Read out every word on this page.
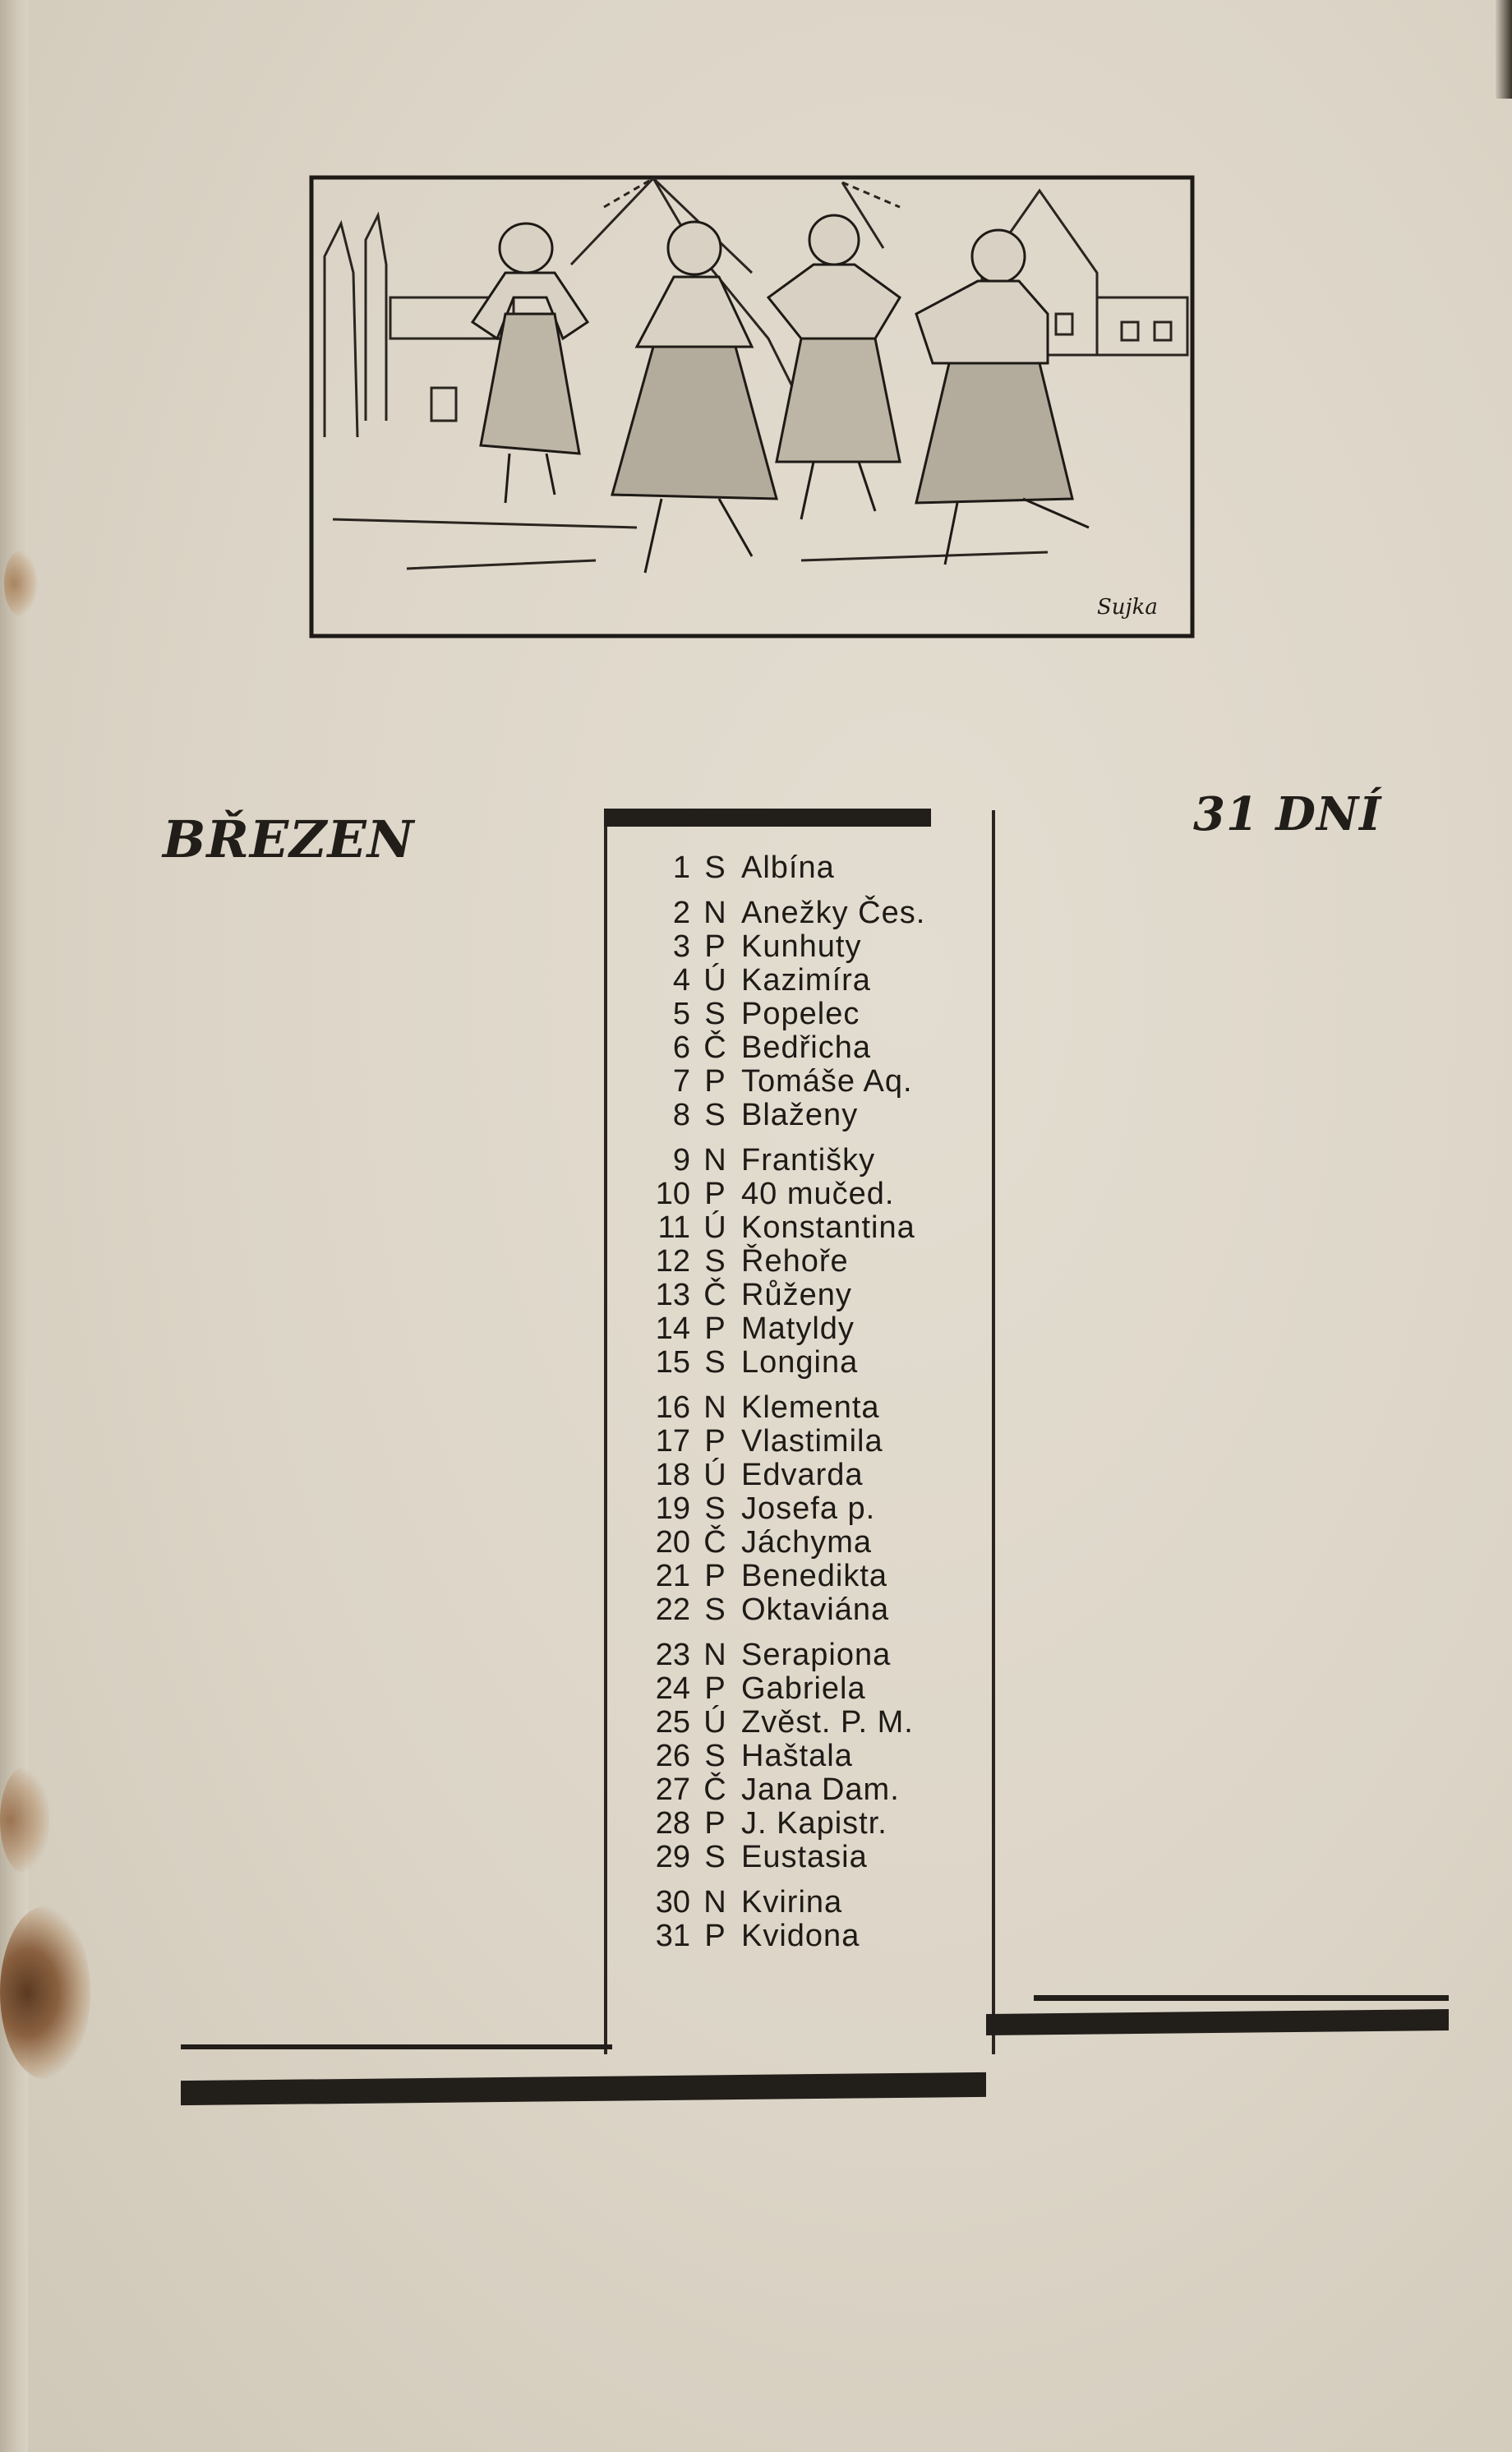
Sujka
BŘEZEN	31 DNÍ
1 S Albína
2 N Anežky Čes.
3 P Kunhuty
4 Ú Kazimíra
5 S Popelec
6 Č Bedřicha
7 P Tomáše Aq.
8 S Blaženy
9 N Františky
10 P 40 mučed.
11 Ú Konstantina
12 S Řehoře
13 Č Růženy
14 P Matyldy
15 S Longina
16 N Klementa
17 P Vlastimila
18 Ú Edvarda
19 S Josefa p.
20 Č Jáchyma
21 P Benedikta
22 S Oktaviána
23 N Serapiona
24 P Gabriela
25 Ú Zvěst. P. M.
26 S Haštala
27 Č Jana Dam.
28 P J. Kapistr.
29 S Eustasia
30 N Kvirina
31 P Kvidona
